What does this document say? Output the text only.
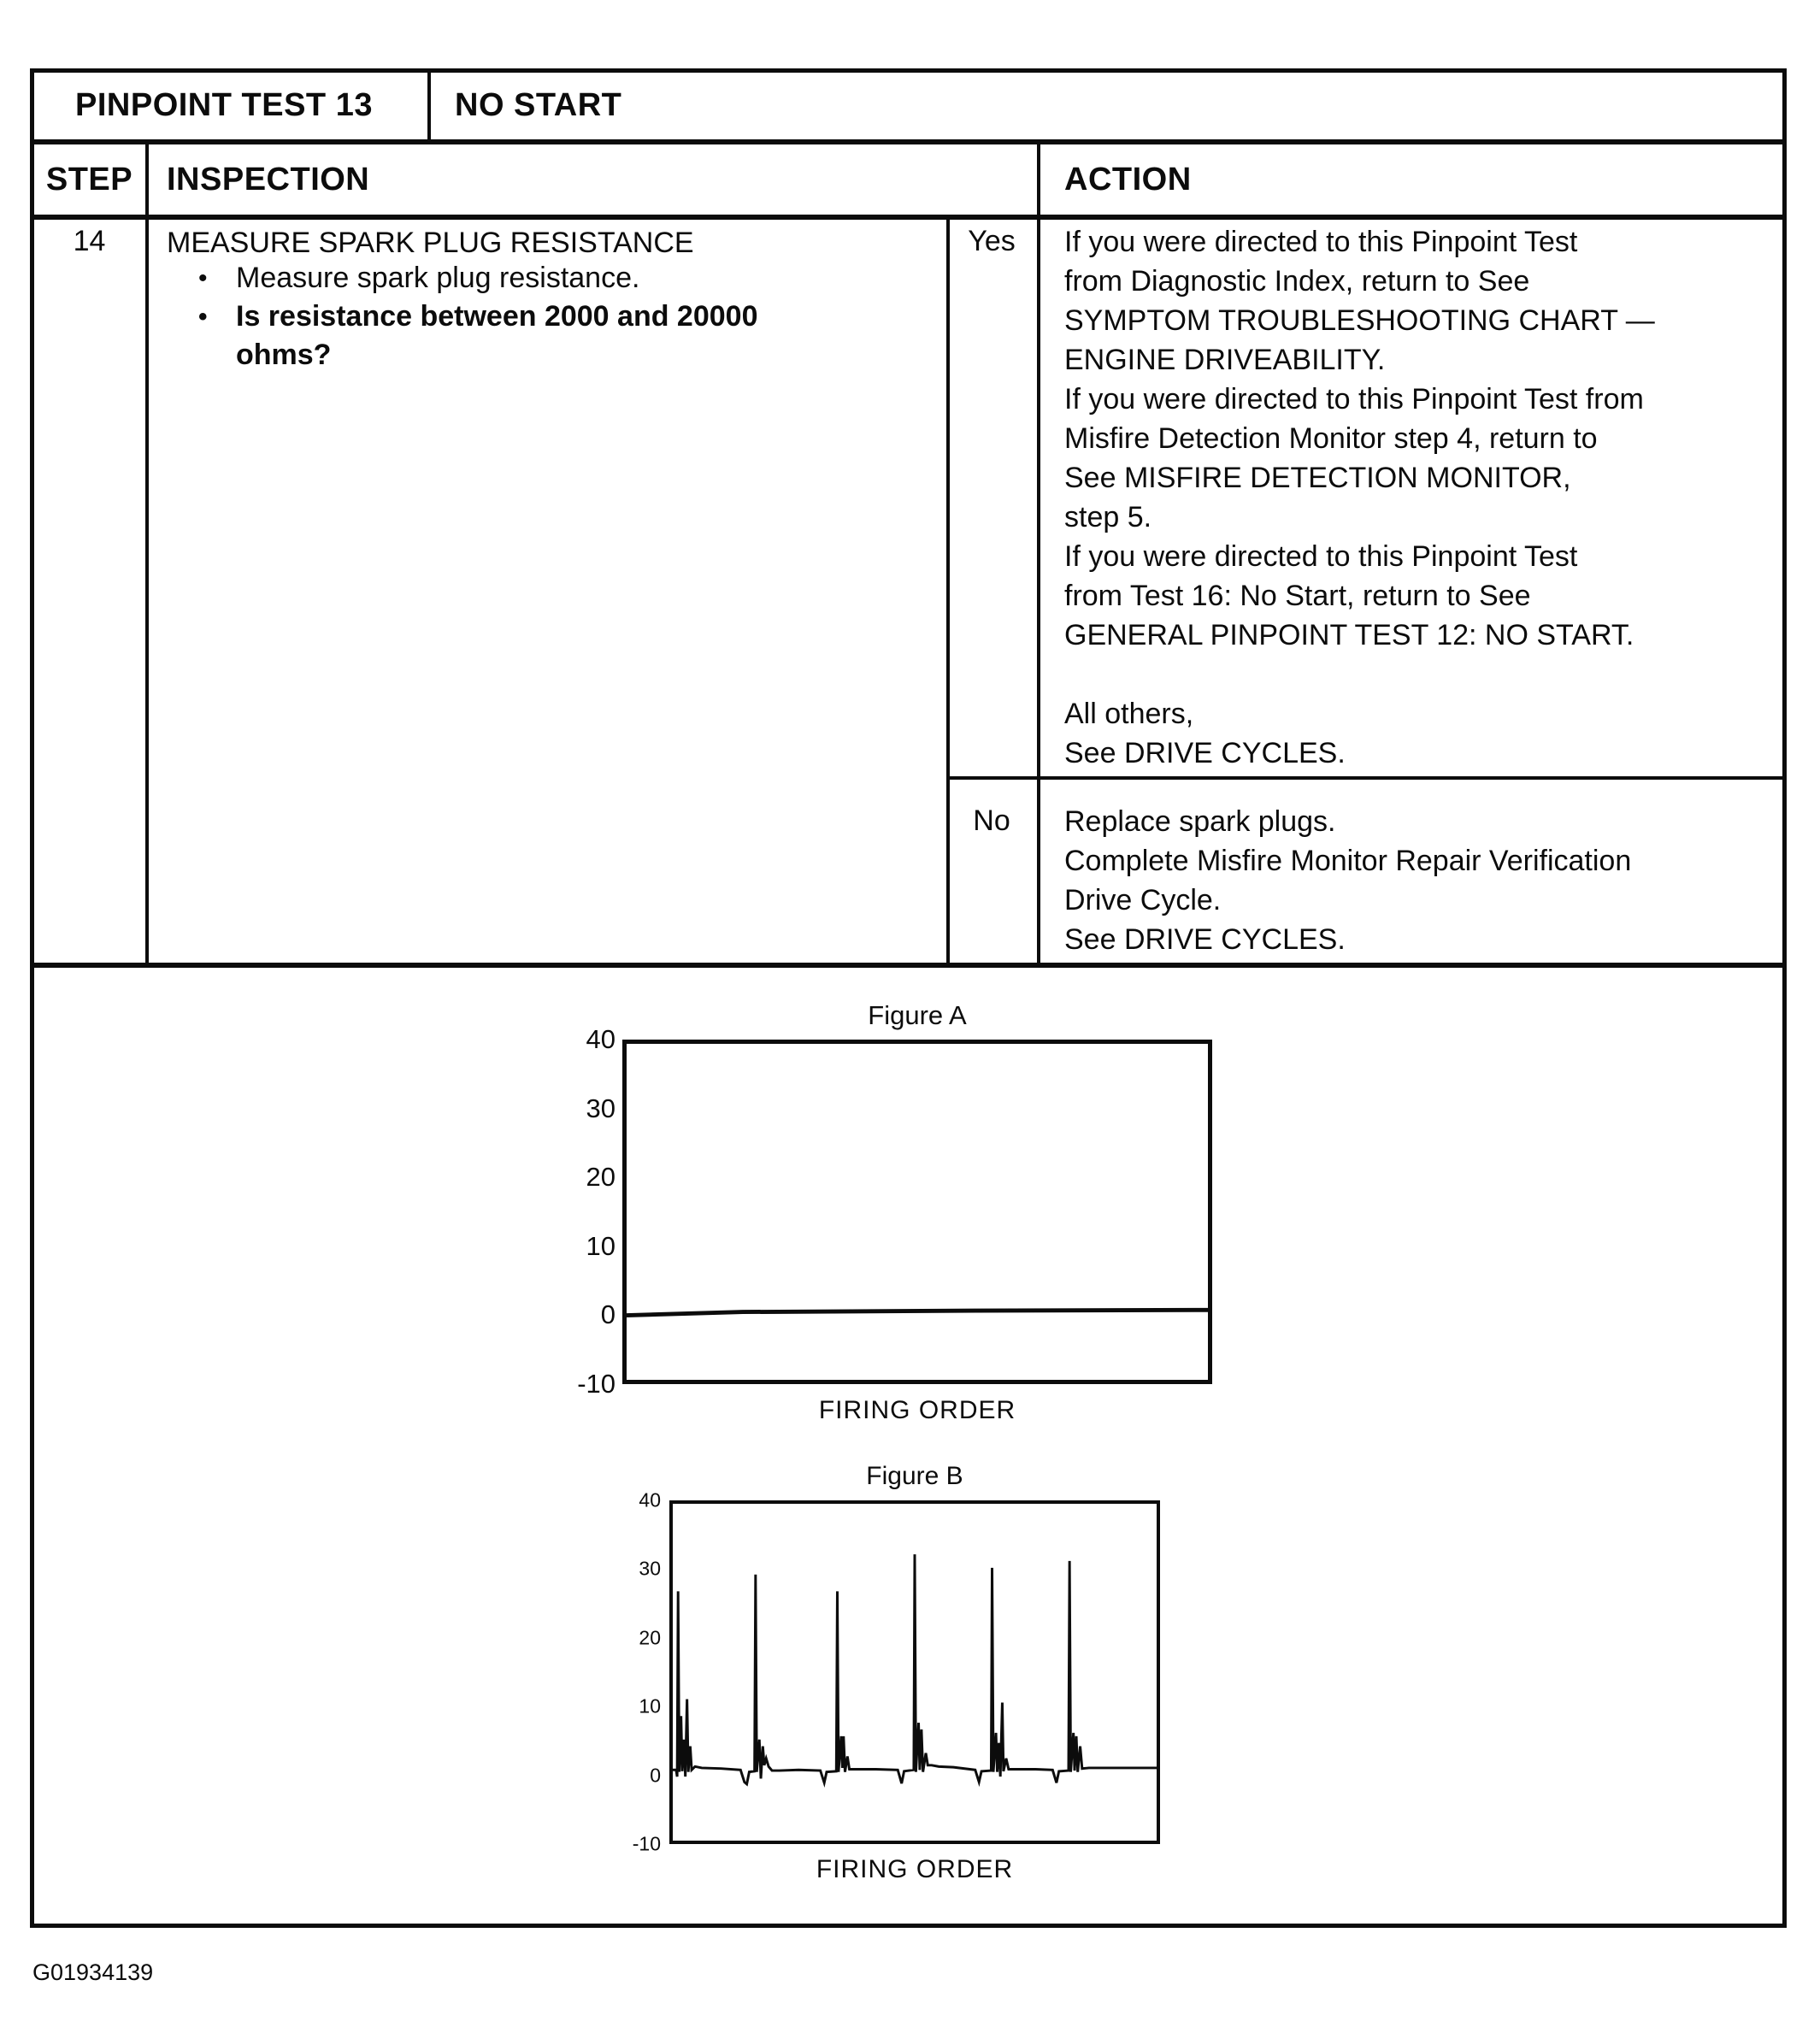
PINPOINT TEST 13	NO START
STEP	INSPECTION	ACTION
14	MEASURE SPARK PLUG RESISTANCE
• Measure spark plug resistance.
• Is resistance between 2000 and 20000 ohms?
Yes	If you were directed to this Pinpoint Test
from Diagnostic Index, return to See
SYMPTOM TROUBLESHOOTING CHART —
ENGINE DRIVEABILITY.
If you were directed to this Pinpoint Test from
Misfire Detection Monitor step 4, return to
See MISFIRE DETECTION MONITOR,
step 5.
If you were directed to this Pinpoint Test
from Test 16: No Start, return to See
GENERAL PINPOINT TEST 12: NO START.

All others,
See DRIVE CYCLES.
No	Replace spark plugs.
Complete Misfire Monitor Repair Verification
Drive Cycle.
See DRIVE CYCLES.
Figure A
40
30
20
10
0
-10
FIRING ORDER
Figure B
40
30
20
10
0
-10
FIRING ORDER
G01934139
